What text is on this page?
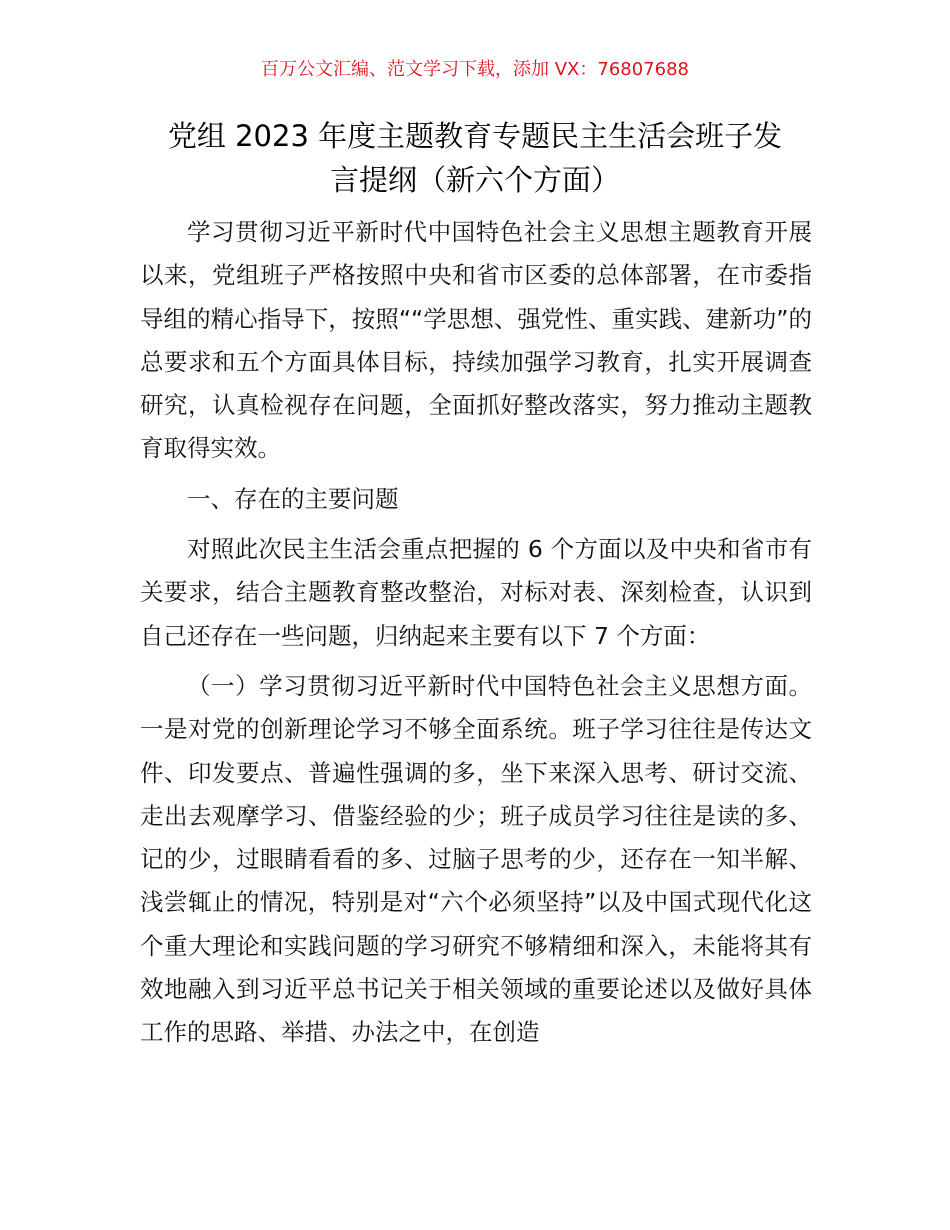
百万公文汇编、范文学习下载，添加 VX：76807688
党组 2023 年度主题教育专题民主生活会班子发
言提纲（新六个方面）

学习贯彻习近平新时代中国特色社会主义思想主题教育开展以来，党组班子严格按照中央和省市区委的总体部署，在市委指导组的精心指导下，按照““学思想、强党性、重实践、建新功”的总要求和五个方面具体目标，持续加强学习教育，扎实开展调查研究，认真检视存在问题，全面抓好整改落实，努力推动主题教育取得实效。

一、存在的主要问题

对照此次民主生活会重点把握的 6 个方面以及中央和省市有关要求，结合主题教育整改整治，对标对表、深刻检查，认识到自己还存在一些问题，归纳起来主要有以下 7 个方面：

（一）学习贯彻习近平新时代中国特色社会主义思想方面。一是对党的创新理论学习不够全面系统。班子学习往往是传达文件、印发要点、普遍性强调的多，坐下来深入思考、研讨交流、走出去观摩学习、借鉴经验的少；班子成员学习往往是读的多、记的少，过眼睛看看的多、过脑子思考的少，还存在一知半解、浅尝辄止的情况，特别是对“六个必须坚持”以及中国式现代化这个重大理论和实践问题的学习研究不够精细和深入，未能将其有效地融入到习近平总书记关于相关领域的重要论述以及做好具体工作的思路、举措、办法之中，在创造
